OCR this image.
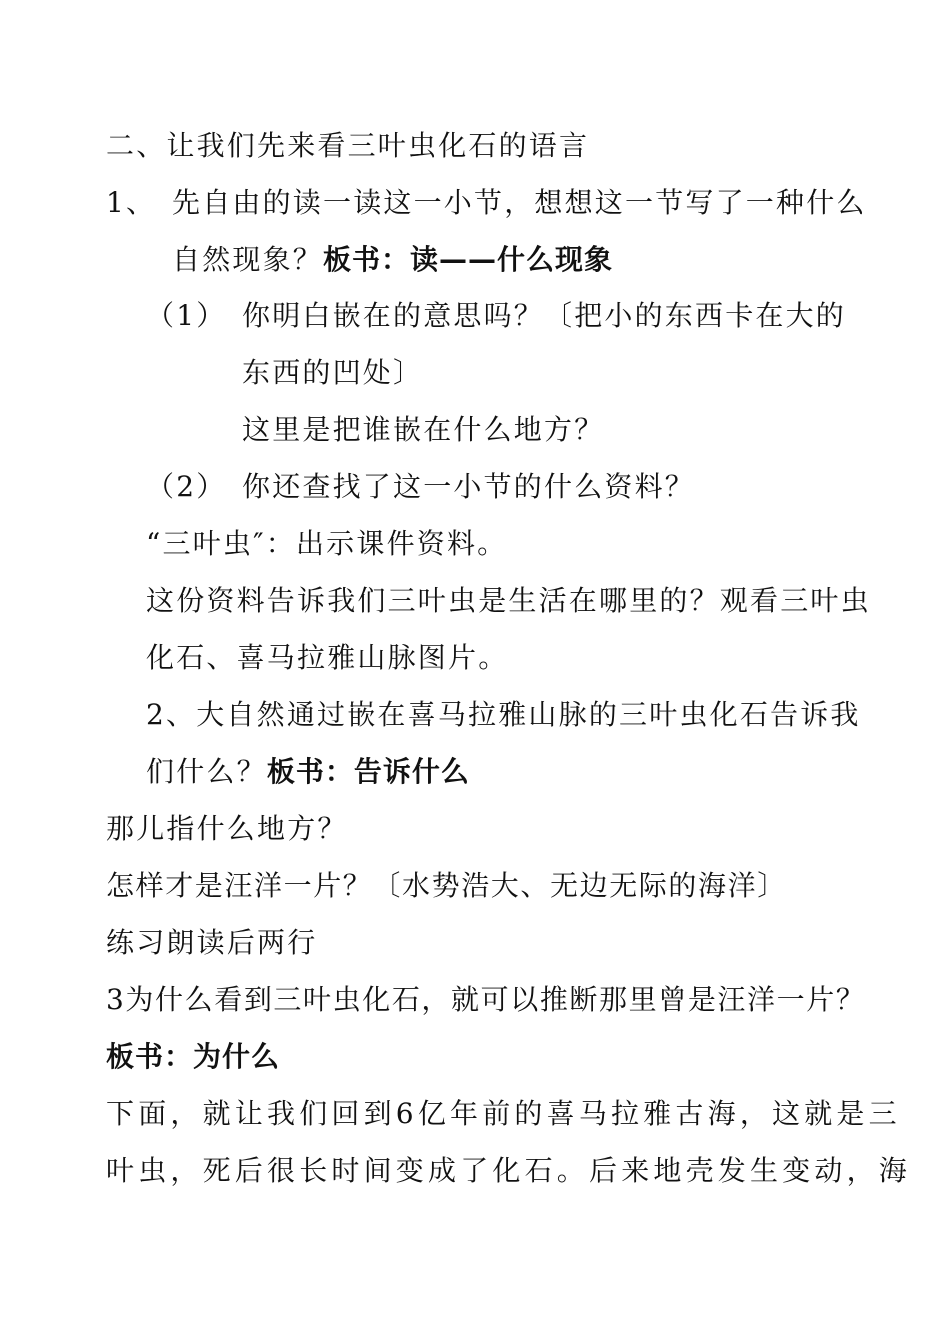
二、让我们先来看三叶虫化石的语言
1、 先自由的读一读这一小节，想想这一节写了一种什么
自然现象？板书：读——什么现象
（1） 你明白嵌在的意思吗？〔把小的东西卡在大的
东西的凹处〕
这里是把谁嵌在什么地方？
（2） 你还查找了这一小节的什么资料？
“三叶虫″：出示课件资料。
这份资料告诉我们三叶虫是生活在哪里的？观看三叶虫
化石、喜马拉雅山脉图片。
2、大自然通过嵌在喜马拉雅山脉的三叶虫化石告诉我
们什么？板书：告诉什么
那儿指什么地方？
怎样才是汪洋一片？〔水势浩大、无边无际的海洋〕
练习朗读后两行
3为什么看到三叶虫化石，就可以推断那里曾是汪洋一片？
板书：为什么
下面，就让我们回到6亿年前的喜马拉雅古海，这就是三
叶虫，死后很长时间变成了化石。后来地壳发生变动，海
